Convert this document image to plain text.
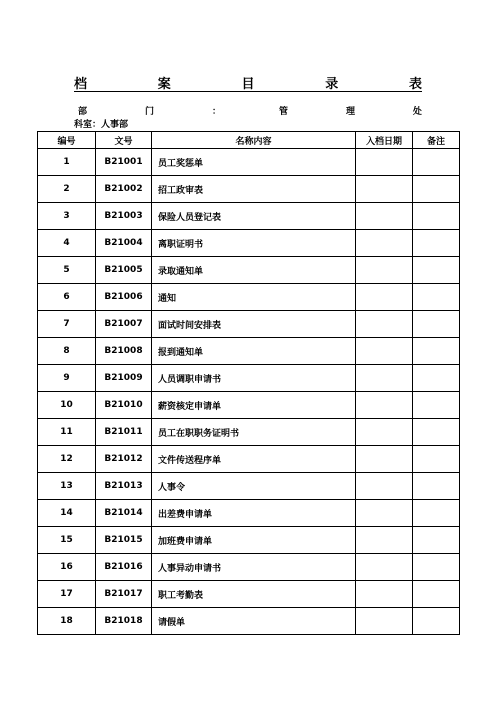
档	案	目	录	表
部	门	：	管	理	处
科室：人事部
编号	文号	名称内容	入档日期	备注
1	B21001	员工奖惩单		
2	B21002	招工政审表		
3	B21003	保险人员登记表		
4	B21004	离职证明书		
5	B21005	录取通知单		
6	B21006	通知		
7	B21007	面试时间安排表		
8	B21008	报到通知单		
9	B21009	人员调职申请书		
10	B21010	薪资核定申请单		
11	B21011	员工在职职务证明书		
12	B21012	文件传送程序单		
13	B21013	人事令		
14	B21014	出差费申请单		
15	B21015	加班费申请单		
16	B21016	人事异动申请书		
17	B21017	职工考勤表		
18	B21018	请假单		
